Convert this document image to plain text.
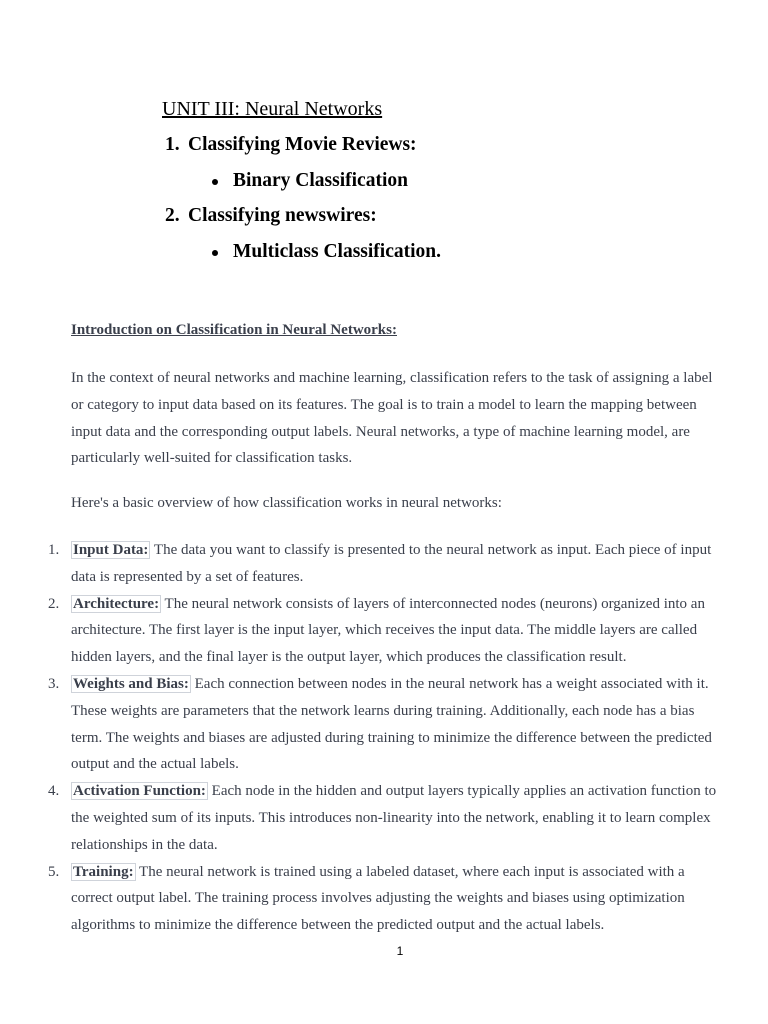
UNIT III: Neural Networks
1. Classifying Movie Reviews:
Binary Classification
2. Classifying newswires:
Multiclass Classification.
Introduction on Classification in Neural Networks:

In the context of neural networks and machine learning, classification refers to the task of assigning a label or category to input data based on its features. The goal is to train a model to learn the mapping between input data and the corresponding output labels. Neural networks, a type of machine learning model, are particularly well-suited for classification tasks.

Here's a basic overview of how classification works in neural networks:

1. Input Data: The data you want to classify is presented to the neural network as input. Each piece of input data is represented by a set of features.
2. Architecture: The neural network consists of layers of interconnected nodes (neurons) organized into an architecture. The first layer is the input layer, which receives the input data. The middle layers are called hidden layers, and the final layer is the output layer, which produces the classification result.
3. Weights and Bias: Each connection between nodes in the neural network has a weight associated with it. These weights are parameters that the network learns during training. Additionally, each node has a bias term. The weights and biases are adjusted during training to minimize the difference between the predicted output and the actual labels.
4. Activation Function: Each node in the hidden and output layers typically applies an activation function to the weighted sum of its inputs. This introduces non-linearity into the network, enabling it to learn complex relationships in the data.
5. Training: The neural network is trained using a labeled dataset, where each input is associated with a correct output label. The training process involves adjusting the weights and biases using optimization algorithms to minimize the difference between the predicted output and the actual labels.
1
